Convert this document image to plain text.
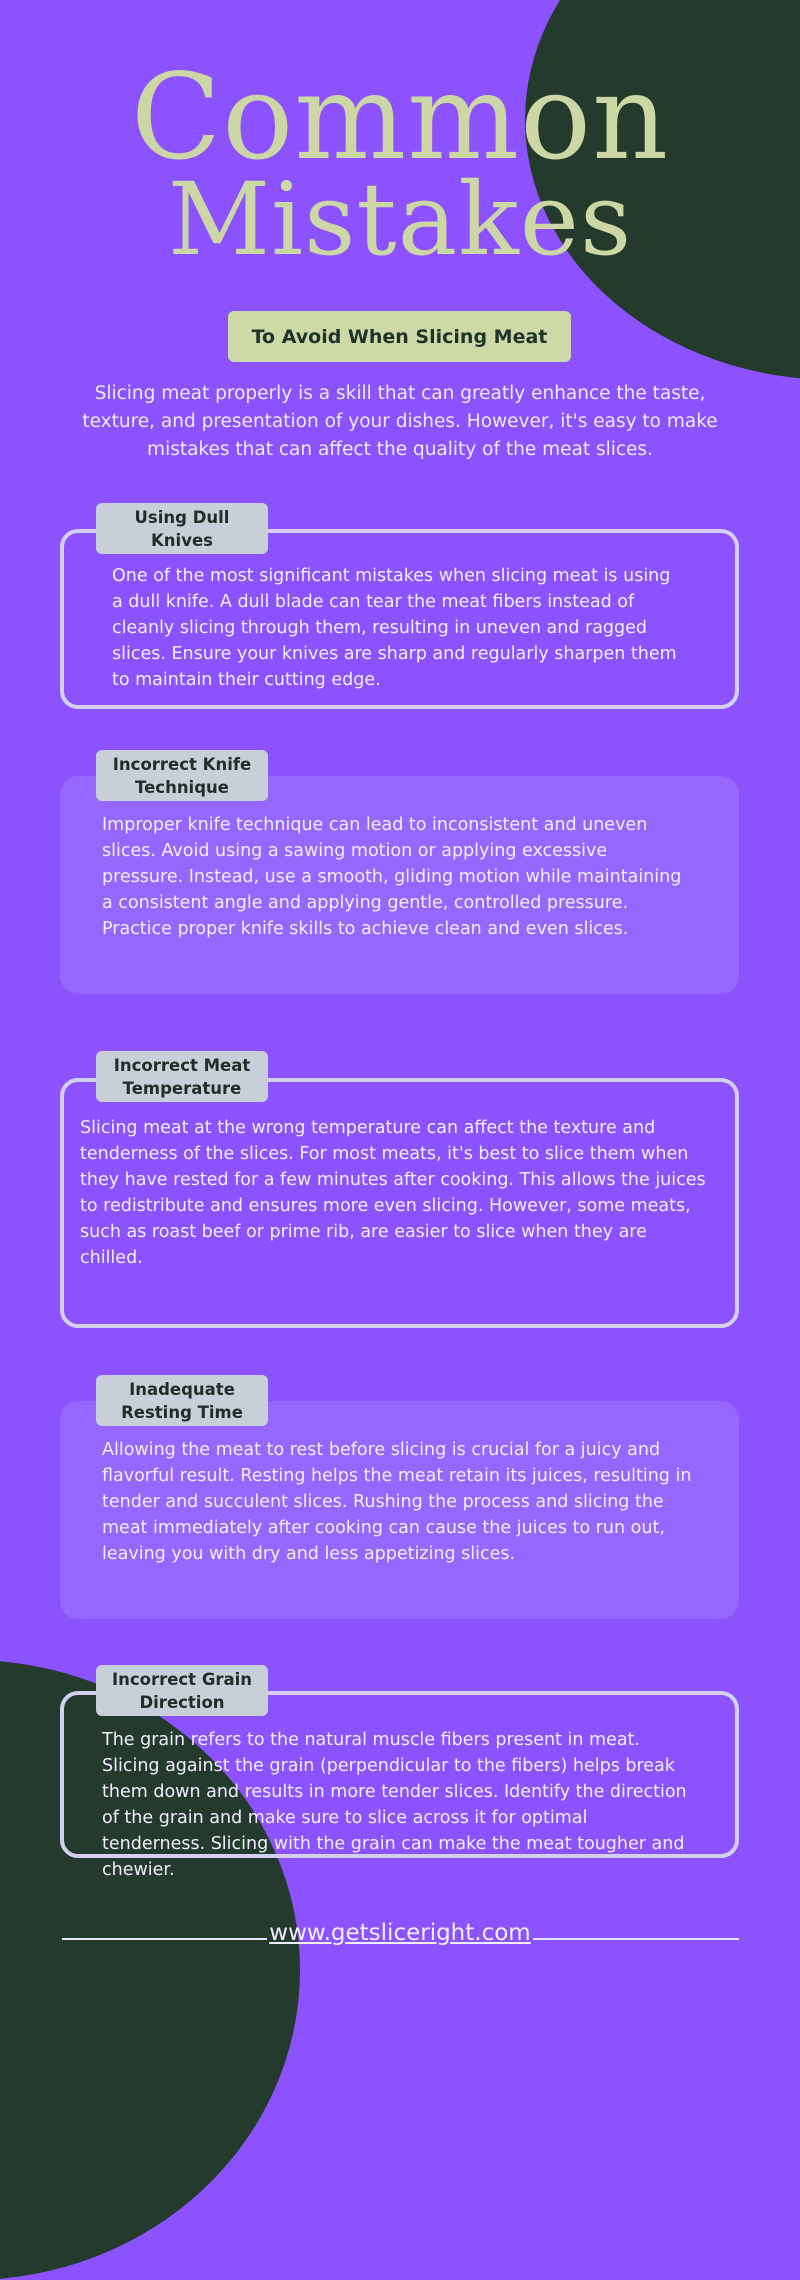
Common
Mistakes
To Avoid When Slicing Meat

Slicing meat properly is a skill that can greatly enhance the taste, texture, and presentation of your dishes. However, it's easy to make mistakes that can affect the quality of the meat slices.

One of the most significant mistakes when slicing meat is using a dull knife. A dull blade can tear the meat fibers instead of cleanly slicing through them, resulting in uneven and ragged slices. Ensure your knives are sharp and regularly sharpen them to maintain their cutting edge.

Using Dull Knives

Improper knife technique can lead to inconsistent and uneven slices. Avoid using a sawing motion or applying excessive pressure. Instead, use a smooth, gliding motion while maintaining a consistent angle and applying gentle, controlled pressure. Practice proper knife skills to achieve clean and even slices.

Incorrect Knife Technique

Slicing meat at the wrong temperature can affect the texture and tenderness of the slices. For most meats, it's best to slice them when they have rested for a few minutes after cooking. This allows the juices to redistribute and ensures more even slicing. However, some meats, such as roast beef or prime rib, are easier to slice when they are chilled.

Incorrect Meat Temperature

Allowing the meat to rest before slicing is crucial for a juicy and flavorful result. Resting helps the meat retain its juices, resulting in tender and succulent slices. Rushing the process and slicing the meat immediately after cooking can cause the juices to run out, leaving you with dry and less appetizing slices.

Inadequate Resting Time

The grain refers to the natural muscle fibers present in meat. Slicing against the grain (perpendicular to the fibers) helps break them down and results in more tender slices. Identify the direction of the grain and make sure to slice across it for optimal tenderness. Slicing with the grain can make the meat tougher and chewier.

Incorrect Grain Direction
www.getsliceright.com
